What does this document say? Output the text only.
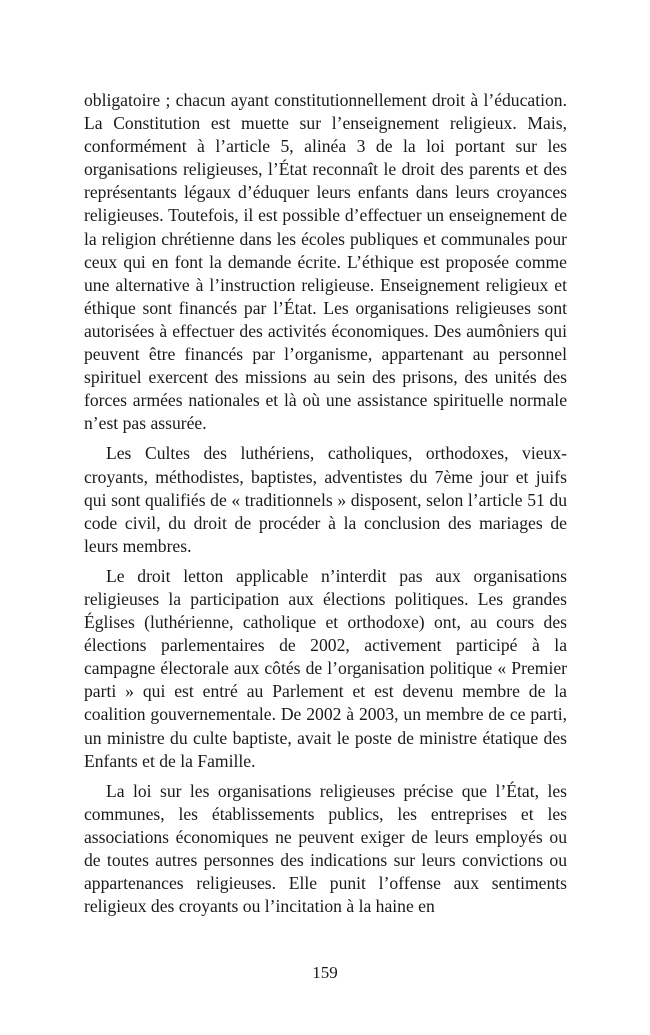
obligatoire ; chacun ayant constitutionnellement droit à l’éducation. La Constitution est muette sur l’enseignement religieux. Mais, conformément à l’article 5, alinéa 3 de la loi portant sur les organisations religieuses, l’État reconnaît le droit des parents et des représentants légaux d’éduquer leurs enfants dans leurs croyances religieuses. Toutefois, il est possible d’effectuer un enseignement de la religion chrétienne dans les écoles publiques et communales pour ceux qui en font la demande écrite. L’éthique est proposée comme une alternative à l’instruction religieuse. Enseignement religieux et éthique sont financés par l’État. Les organisations religieuses sont autorisées à effectuer des activités économiques. Des aumôniers qui peuvent être financés par l’organisme, appartenant au personnel spirituel exercent des missions au sein des prisons, des unités des forces armées nationales et là où une assistance spirituelle normale n’est pas assurée.

Les Cultes des luthériens, catholiques, orthodoxes, vieux-croyants, méthodistes, baptistes, adventistes du 7ème jour et juifs qui sont qualifiés de « traditionnels » disposent, selon l’article 51 du code civil, du droit de procéder à la conclusion des mariages de leurs membres.

Le droit letton applicable n’interdit pas aux organisations religieuses la participation aux élections politiques. Les grandes Églises (luthérienne, catholique et orthodoxe) ont, au cours des élections parlementaires de 2002, activement participé à la campagne électorale aux côtés de l’organisation politique « Premier parti » qui est entré au Parlement et est devenu membre de la coalition gouvernementale. De 2002 à 2003, un membre de ce parti, un ministre du culte baptiste, avait le poste de ministre étatique des Enfants et de la Famille.

La loi sur les organisations religieuses précise que l’État, les communes, les établissements publics, les entreprises et les associations économiques ne peuvent exiger de leurs employés ou de toutes autres personnes des indications sur leurs convictions ou appartenances religieuses. Elle punit l’offense aux sentiments religieux des croyants ou l’incitation à la haine en

159
